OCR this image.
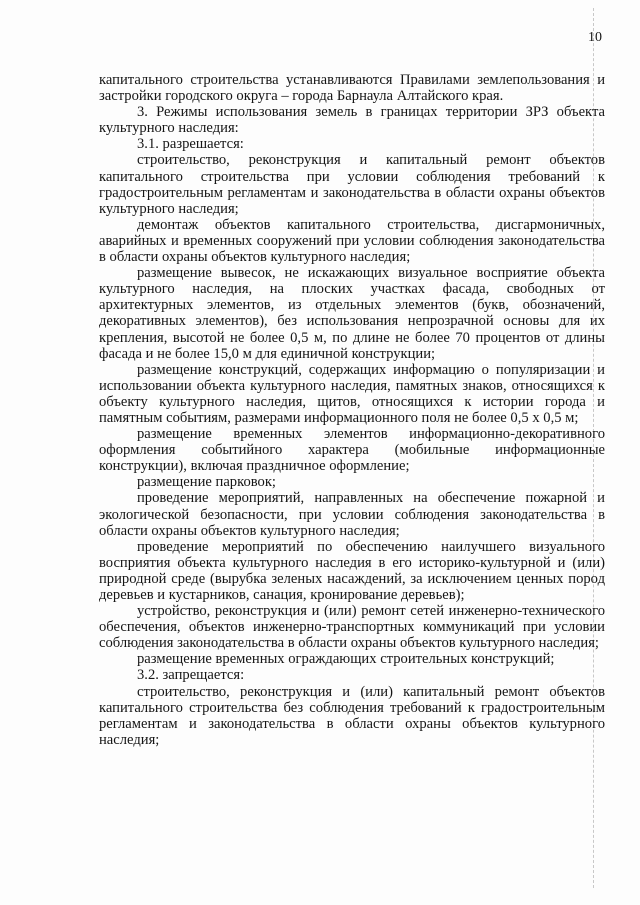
10

капитального строительства устанавливаются Правилами землепользования и застройки городского округа – города Барнаула Алтайского края.

3. Режимы использования земель в границах территории ЗРЗ объекта культурного наследия:

3.1. разрешается:

строительство, реконструкция и капитальный ремонт объектов капитального строительства при условии соблюдения требований к градостроительным регламентам и законодательства в области охраны объектов культурного наследия;

демонтаж объектов капитального строительства, дисгармоничных, аварийных и временных сооружений при условии соблюдения законодательства в области охраны объектов культурного наследия;

размещение вывесок, не искажающих визуальное восприятие объекта культурного наследия, на плоских участках фасада, свободных от архитектурных элементов, из отдельных элементов (букв, обозначений, декоративных элементов), без использования непрозрачной основы для их крепления, высотой не более 0,5 м, по длине не более 70 процентов от длины фасада и не более 15,0 м для единичной конструкции;

размещение конструкций, содержащих информацию о популяризации и использовании объекта культурного наследия, памятных знаков, относящихся к объекту культурного наследия, щитов, относящихся к истории города и памятным событиям, размерами информационного поля не более 0,5 х 0,5 м;

размещение временных элементов информационно-декоративного оформления событийного характера (мобильные информационные конструкции), включая праздничное оформление;

размещение парковок;

проведение мероприятий, направленных на обеспечение пожарной и экологической безопасности, при условии соблюдения законодательства в области охраны объектов культурного наследия;

проведение мероприятий по обеспечению наилучшего визуального восприятия объекта культурного наследия в его историко-культурной и (или) природной среде (вырубка зеленых насаждений, за исключением ценных пород деревьев и кустарников, санация, кронирование деревьев);

устройство, реконструкция и (или) ремонт сетей инженерно-технического обеспечения, объектов инженерно-транспортных коммуникаций при условии соблюдения законодательства в области охраны объектов культурного наследия;

размещение временных ограждающих строительных конструкций;

3.2. запрещается:

строительство, реконструкция и (или) капитальный ремонт объектов капитального строительства без соблюдения требований к градостроительным регламентам и законодательства в области охраны объектов культурного наследия;
